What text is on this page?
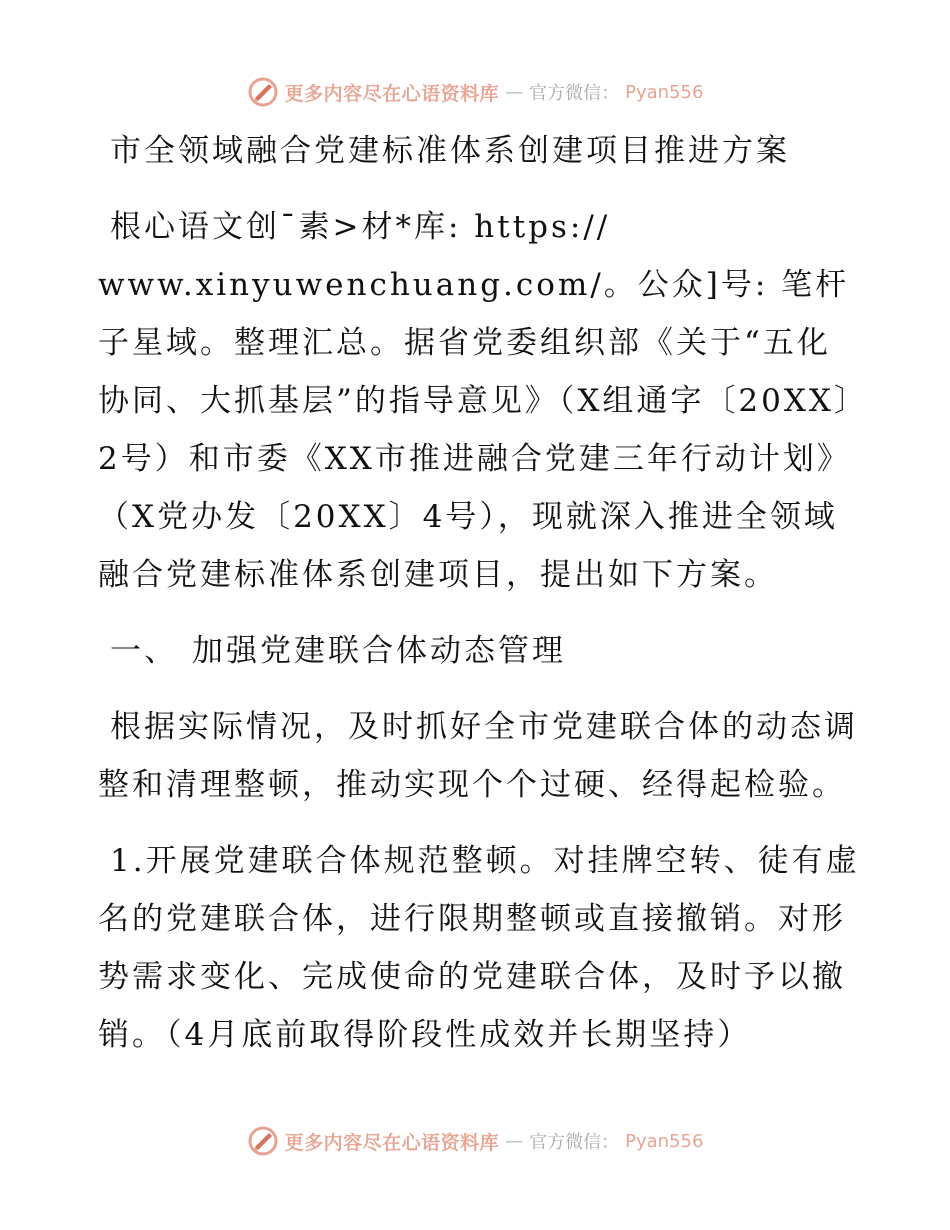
更多内容尽在心语资料库 — 官方微信： Pyan556

市全领域融合党建标准体系创建项目推进方案

根心语文创¯素>材*库: https:// www.xinyuwenchuang.com/。公众]号: 笔杆子星域。整理汇总。据省党委组织部《关于“五化协同、大抓基层”的指导意见》（X组通字〔20XX〕2号）和市委《XX市推进融合党建三年行动计划》（X党办发〔20XX〕4号），现就深入推进全领域融合党建标准体系创建项目，提出如下方案。

一、 加强党建联合体动态管理

根据实际情况，及时抓好全市党建联合体的动态调整和清理整顿，推动实现个个过硬、经得起检验。

1.开展党建联合体规范整顿。对挂牌空转、徒有虚名的党建联合体，进行限期整顿或直接撤销。对形势需求变化、完成使命的党建联合体，及时予以撤销。（4月底前取得阶段性成效并长期坚持）

更多内容尽在心语资料库 — 官方微信： Pyan556
